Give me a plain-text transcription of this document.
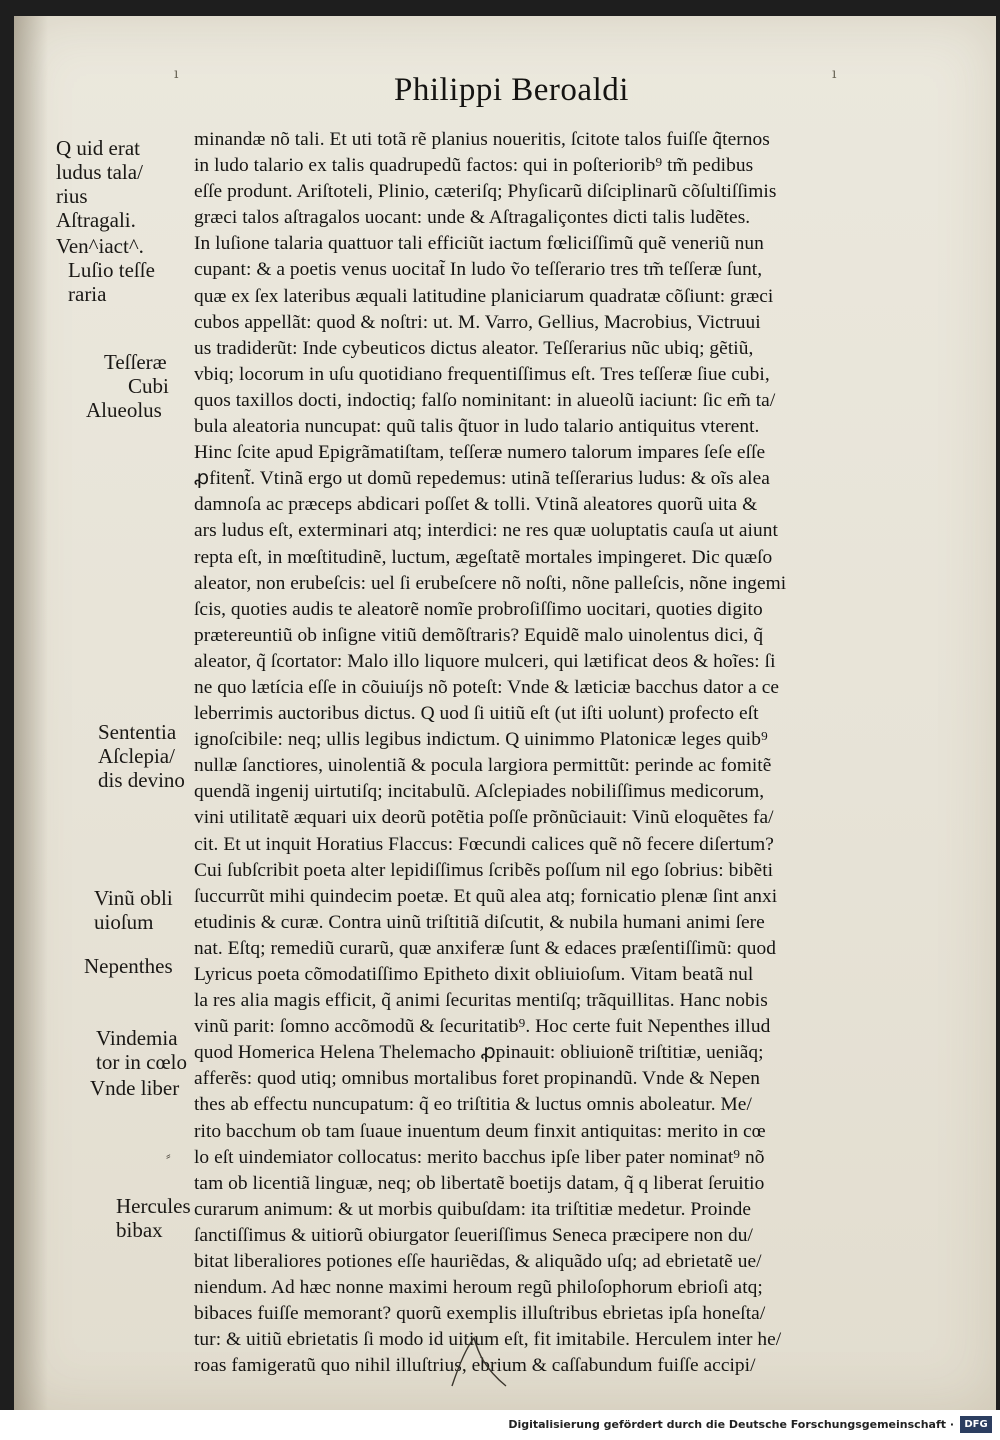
ı	ı
Philippi Beroaldi
Q uid erat
ludus tala/
rius
Aſtragali.
Ven^iact^.
Luſio teſſe
raria
Teſſeræ
Cubi
Alueolus
Sententia
Aſclepia/
dis devino
Vinũ obli
uioſum
Nepenthes
Vindemia
tor in cœlo
Vnde liber
Hercules
bibax
minandæ nõ tali. Et uti totã rẽ planius noueritis, ſcitote talos fuiſſe q̃ternos
in ludo talario ex talis quadrupedũ factos: qui in poſteriorib⁹ tm̃ pedibus
eſſe produnt. Ariſtoteli, Plinio, cæteriſq; Phyſicarũ diſciplinarũ cõſultiſſimis
græci talos aſtragalos uocant: unde & Aſtragaliçontes dicti talis ludẽtes.
In luſione talaria quattuor tali efficiũt iactum fœliciſſimũ quẽ veneriũ nun
cupant: & a poetis venus uocitat̃ In ludo ṽo teſſerario tres tm̃ teſſeræ ſunt,
quæ ex ſex lateribus æquali latitudine planiciarum quadratæ cõſiunt: græci
cubos appellãt: quod & noſtri: ut. M. Varro, Gellius, Macrobius, Victruui
us tradiderũt: Inde cybeuticos dictus aleator. Teſſerarius nũc ubiq; gẽtiũ,
vbiq; locorum in uſu quotidiano frequentiſſimus eſt. Tres teſſeræ ſiue cubi,
quos taxillos docti, indoctiq; falſo nominitant: in alueolũ iaciunt: ſic em̃ ta/
bula aleatoria nuncupat: quũ talis q̃tuor in ludo talario antiquitus vterent.
Hinc ſcite apud Epigrãmatiſtam, teſſeræ numero talorum impares ſeſe eſſe
ꝓfitent̃. Vtinã ergo ut domũ repedemus: utinã teſſerarius ludus: & oĩs alea
damnoſa ac præceps abdicari poſſet & tolli. Vtinã aleatores quorũ uita &
ars ludus eſt, exterminari atq; interdici: ne res quæ uoluptatis cauſa ut aiunt
repta eſt, in mœſtitudinẽ, luctum, ægeſtatẽ mortales impingeret. Dic quæſo
aleator, non erubeſcis: uel ſi erubeſcere nõ noſti, nõne palleſcis, nõne ingemi
ſcis, quoties audis te aleatorẽ nomĩe probroſiſſimo uocitari, quoties digito
prætereuntiũ ob inſigne vitiũ demõſtraris? Equidẽ malo uinolentus dici, q̃
aleator, q̃ ſcortator: Malo illo liquore mulceri, qui lætificat deos & hoĩes: ſi
ne quo lætícia eſſe in cõuiuíjs nõ poteſt: Vnde & læticiæ bacchus dator a ce
leberrimis auctoribus dictus. Q uod ſi uitiũ eſt (ut iſti uolunt) profecto eſt
ignoſcibile: neq; ullis legibus indictum. Q uinimmo Platonicæ leges quib⁹
nullæ ſanctiores, uinolentiã & pocula largiora permittũt: perinde ac fomitẽ
quendã ingenij uirtutiſq; incitabulũ. Aſclepiades nobiliſſimus medicorum,
vini utilitatẽ æquari uix deorũ potẽtia poſſe prõnũciauit: Vinũ eloquẽtes fa/
cit. Et ut inquit Horatius Flaccus: Fœcundi calices quẽ nõ fecere diſertum?
Cui ſubſcribit poeta alter lepidiſſimus ſcribẽs poſſum nil ego ſobrius: bibẽti
ſuccurrũt mihi quindecim poetæ. Et quũ alea atq; fornicatio plenæ ſint anxi
etudinis & curæ. Contra uinũ triſtitiã diſcutit, & nubila humani animi ſere
nat. Eſtq; remediũ curarũ, quæ anxiferæ ſunt & edaces præſentiſſimũ: quod
Lyricus poeta cõmodatiſſimo Epitheto dixit obliuioſum. Vitam beatã nul
la res alia magis efficit, q̃ animi ſecuritas mentiſq; trãquillitas. Hanc nobis
vinũ parit: ſomno accõmodũ & ſecuritatib⁹. Hoc certe fuit Nepenthes illud
quod Homerica Helena Thelemacho ꝓpinauit: obliuionẽ triſtitiæ, ueniãq;
afferẽs: quod utiq; omnibus mortalibus foret propinandũ. Vnde & Nepen
thes ab effectu nuncupatum: q̃ eo triſtitia & luctus omnis aboleatur. Me/
rito bacchum ob tam ſuaue inuentum deum finxit antiquitas: merito in cœ
lo eſt uindemiator collocatus: merito bacchus ipſe liber pater nominat⁹ nõ
tam ob licentiã linguæ, neq; ob libertatẽ boetijs datam, q̃ q liberat ſeruitio
curarum animum: & ut morbis quibuſdam: ita triſtitiæ medetur. Proinde
ſanctiſſimus & uitiorũ obiurgator ſeueriſſimus Seneca præcipere non du/
bitat liberaliores potiones eſſe hauriẽdas, & aliquãdo uſq; ad ebrietatẽ ue/
niendum. Ad hæc nonne maximi heroum regũ philoſophorum ebrioſi atq;
bibaces fuiſſe memorant? quorũ exemplis illuſtribus ebrietas ipſa honeſta/
tur: & uitiũ ebrietatis ſi modo id uitium eſt, fit imitabile. Herculem inter he/
roas famigeratũ quo nihil illuſtrius, ebrium & caſſabundum fuiſſe accipi/
⸗
Digitalisierung gefördert durch die Deutsche Forschungsgemeinschaft ·	DFG
